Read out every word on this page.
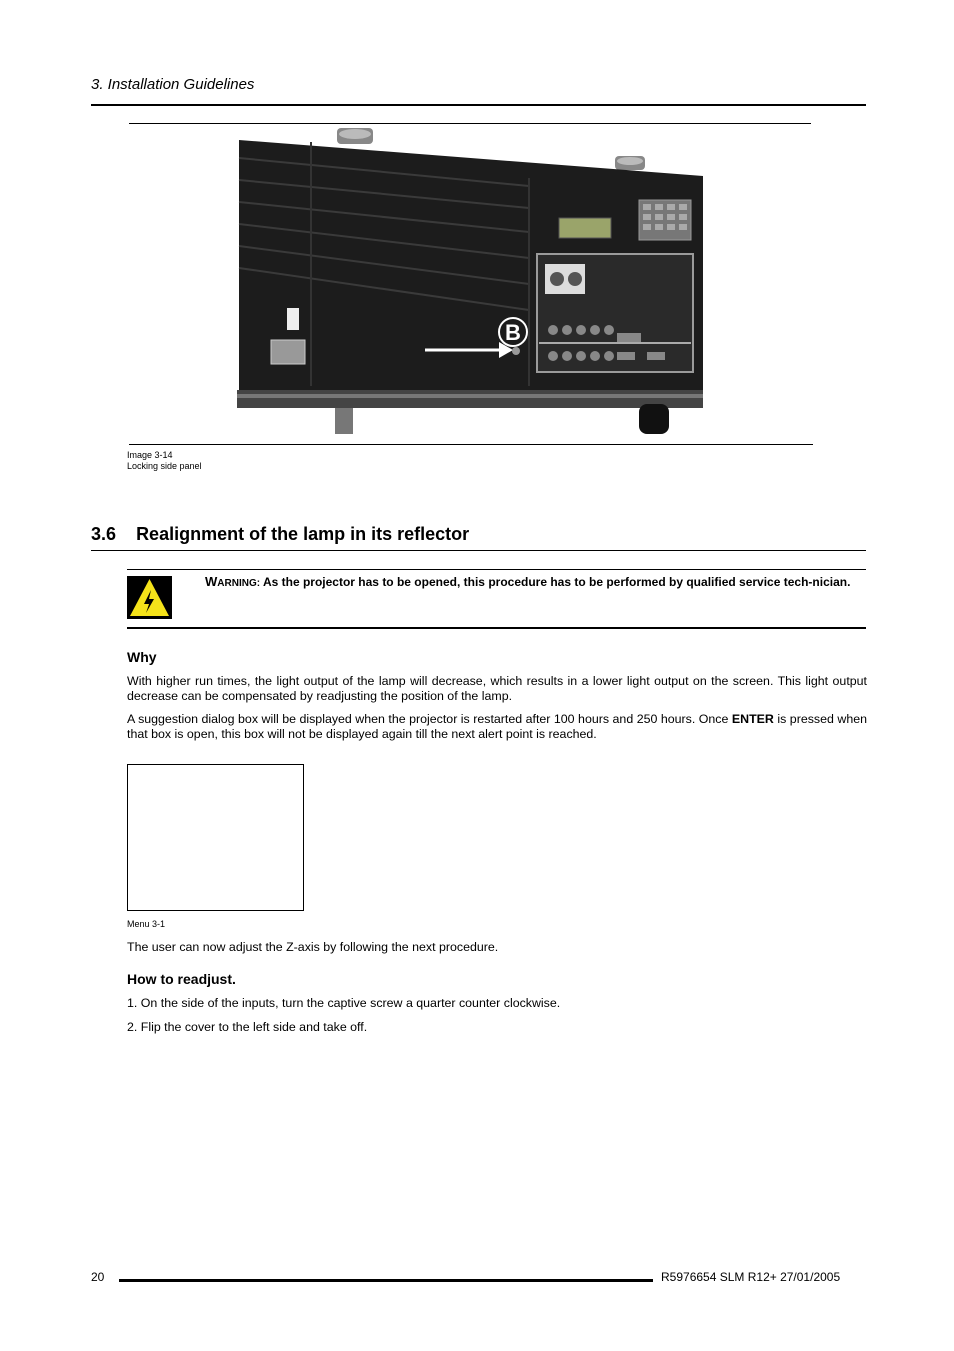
3. Installation Guidelines
B
Image 3-14
Locking side panel
3.6 Realignment of the lamp in its reflector
WARNING: As the projector has to be opened, this procedure has to be performed by qualified service tech-nician.
Why
With higher run times, the light output of the lamp will decrease, which results in a lower light output on the screen. This light output decrease can be compensated by readjusting the position of the lamp.
A suggestion dialog box will be displayed when the projector is restarted after 100 hours and 250 hours. Once ENTER is pressed when that box is open, this box will not be displayed again till the next alert point is reached.
Menu 3-1
The user can now adjust the Z-axis by following the next procedure.
How to readjust.
1. On the side of the inputs, turn the captive screw a quarter counter clockwise.
2. Flip the cover to the left side and take off.
20	R5976654 SLM R12+ 27/01/2005
